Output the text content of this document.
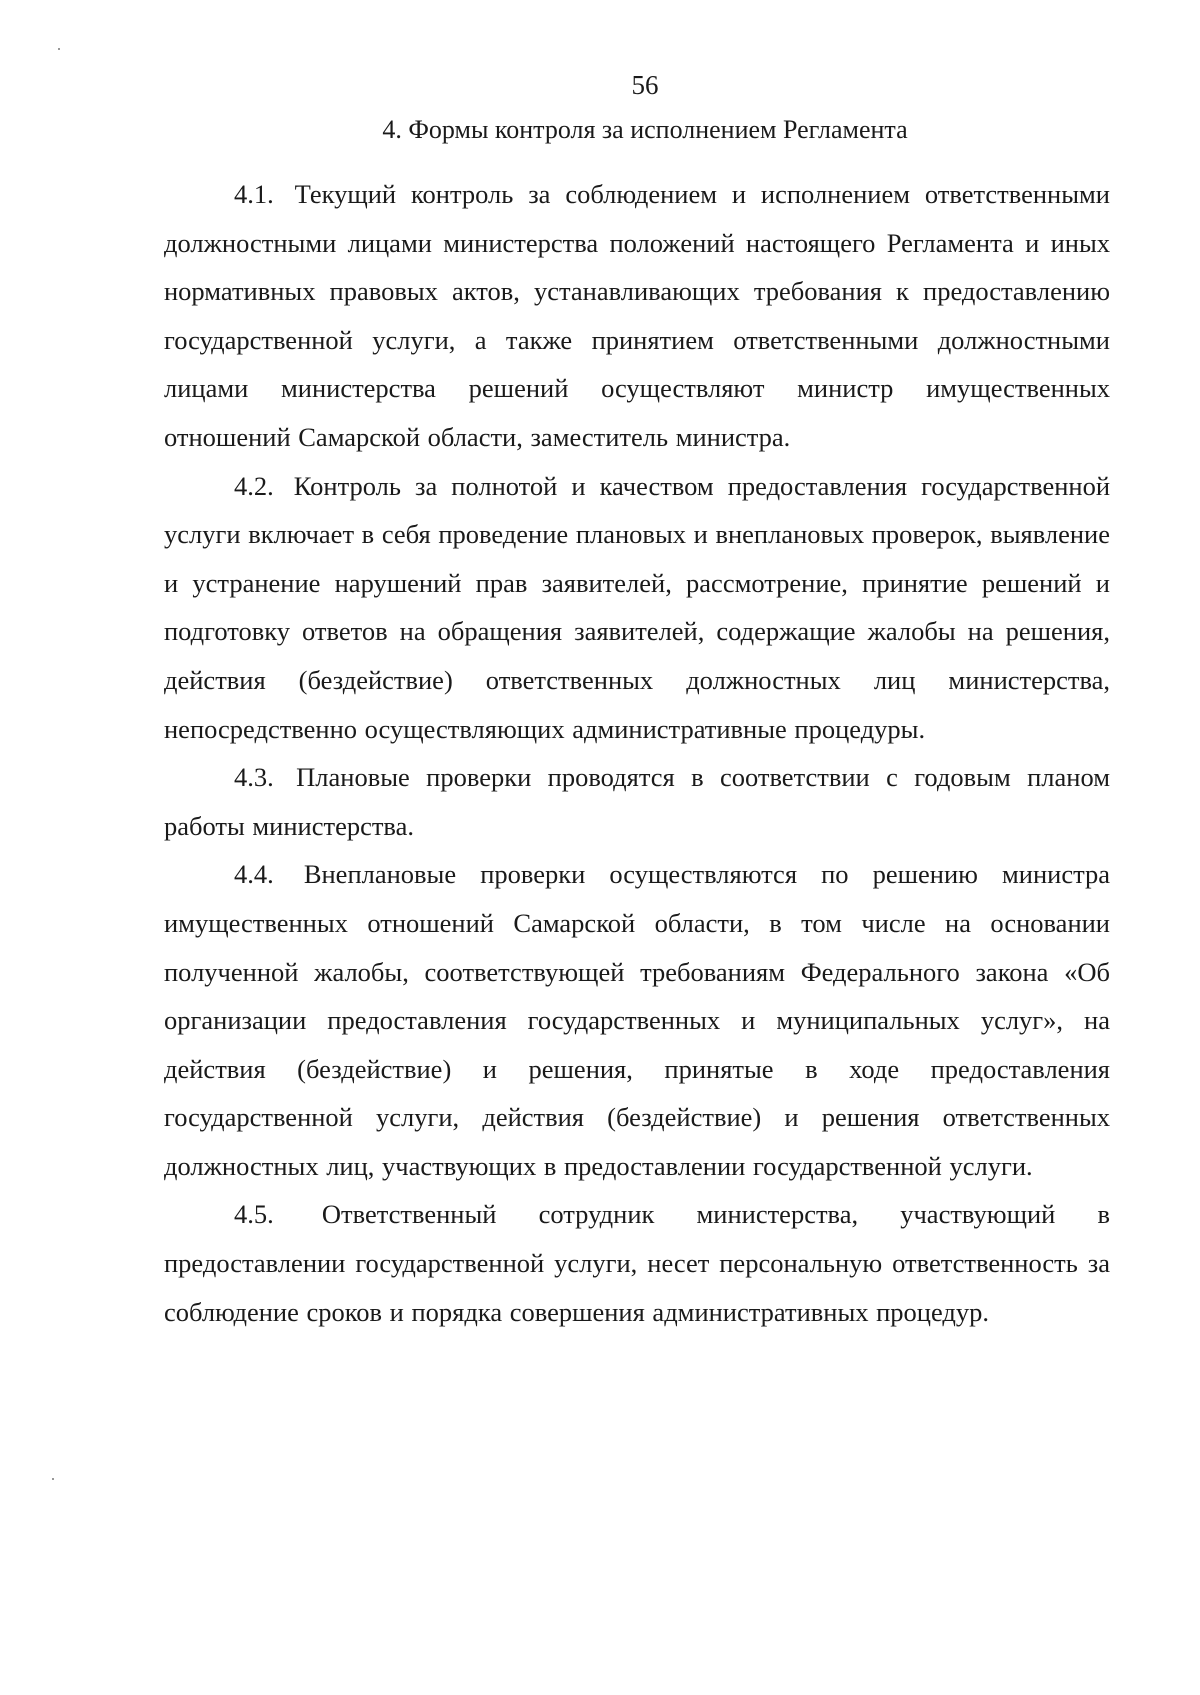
56
4. Формы контроля за исполнением Регламента

4.1. Текущий контроль за соблюдением и исполнением ответственными должностными лицами министерства положений настоящего Регламента и иных нормативных правовых актов, устанавливающих требования к предоставлению государственной услуги, а также принятием ответственными должностными лицами министерства решений осуществляют министр имущественных отношений Самарской области, заместитель министра.

4.2. Контроль за полнотой и качеством предоставления государственной услуги включает в себя проведение плановых и внеплановых проверок, выявление и устранение нарушений прав заявителей, рассмотрение, принятие решений и подготовку ответов на обращения заявителей, содержащие жалобы на решения, действия (бездействие) ответственных должностных лиц министерства, непосредственно осуществляющих административные процедуры.

4.3. Плановые проверки проводятся в соответствии с годовым планом работы министерства.

4.4. Внеплановые проверки осуществляются по решению министра имущественных отношений Самарской области, в том числе на основании полученной жалобы, соответствующей требованиям Федерального закона «Об организации предоставления государственных и муниципальных услуг», на действия (бездействие) и решения, принятые в ходе предоставления государственной услуги, действия (бездействие) и решения ответственных должностных лиц, участвующих в предоставлении государственной услуги.

4.5. Ответственный сотрудник министерства, участвующий в предоставлении государственной услуги, несет персональную ответственность за соблюдение сроков и порядка совершения административных процедур.
